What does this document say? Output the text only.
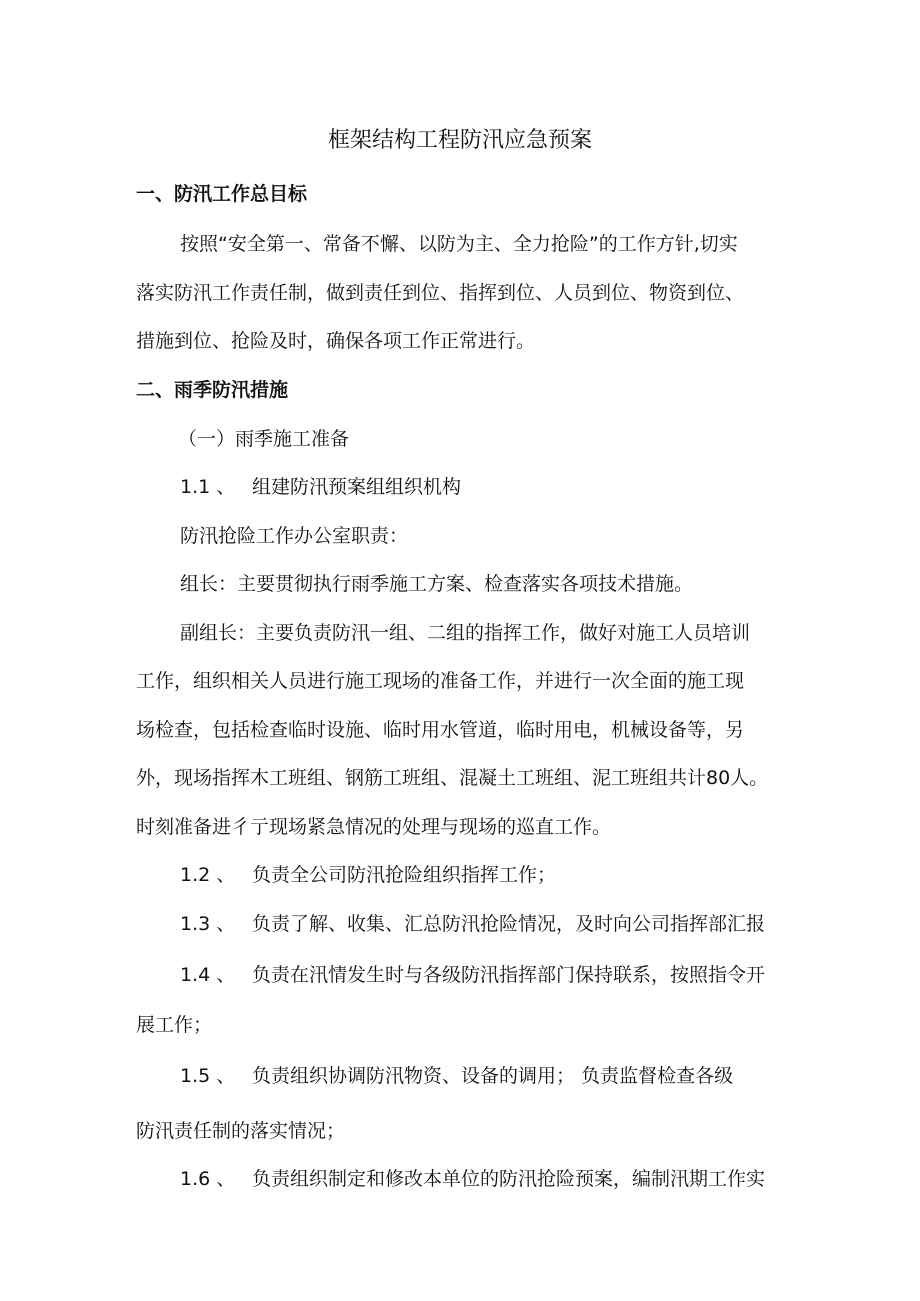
框架结构工程防汛应急预案
一、防汛工作总目标
按照“安全第一、常备不懈、以防为主、全力抢险”的工作方针,切实
落实防汛工作责任制，做到责任到位、指挥到位、人员到位、物资到位、
措施到位、抢险及时，确保各项工作正常进行。
二、雨季防汛措施
（一）雨季施工准备
1.1 、 组建防汛预案组组织机构
防汛抢险工作办公室职责：
组长：主要贯彻执行雨季施工方案、检查落实各项技术措施。
副组长：主要负责防汛一组、二组的指挥工作，做好对施工人员培训
工作，组织相关人员进行施工现场的准备工作，并进行一次全面的施工现
场检查，包括检查临时设施、临时用水管道，临时用电，机械设备等，另
外，现场指挥木工班组、钢筋工班组、混凝土工班组、泥工班组共计80人。
时刻准备进彳亍现场紧急情况的处理与现场的巡直工作。
1.2 、 负责全公司防汛抢险组织指挥工作；
1.3 、 负责了解、收集、汇总防汛抢险情况，及时向公司指挥部汇报
1.4 、 负责在汛情发生时与各级防汛指挥部门保持联系，按照指令开
展工作；
1.5 、 负责组织协调防汛物资、设备的调用； 负责监督检查各级
防汛责任制的落实情况；
1.6 、 负责组织制定和修改本单位的防汛抢险预案，编制汛期工作实
